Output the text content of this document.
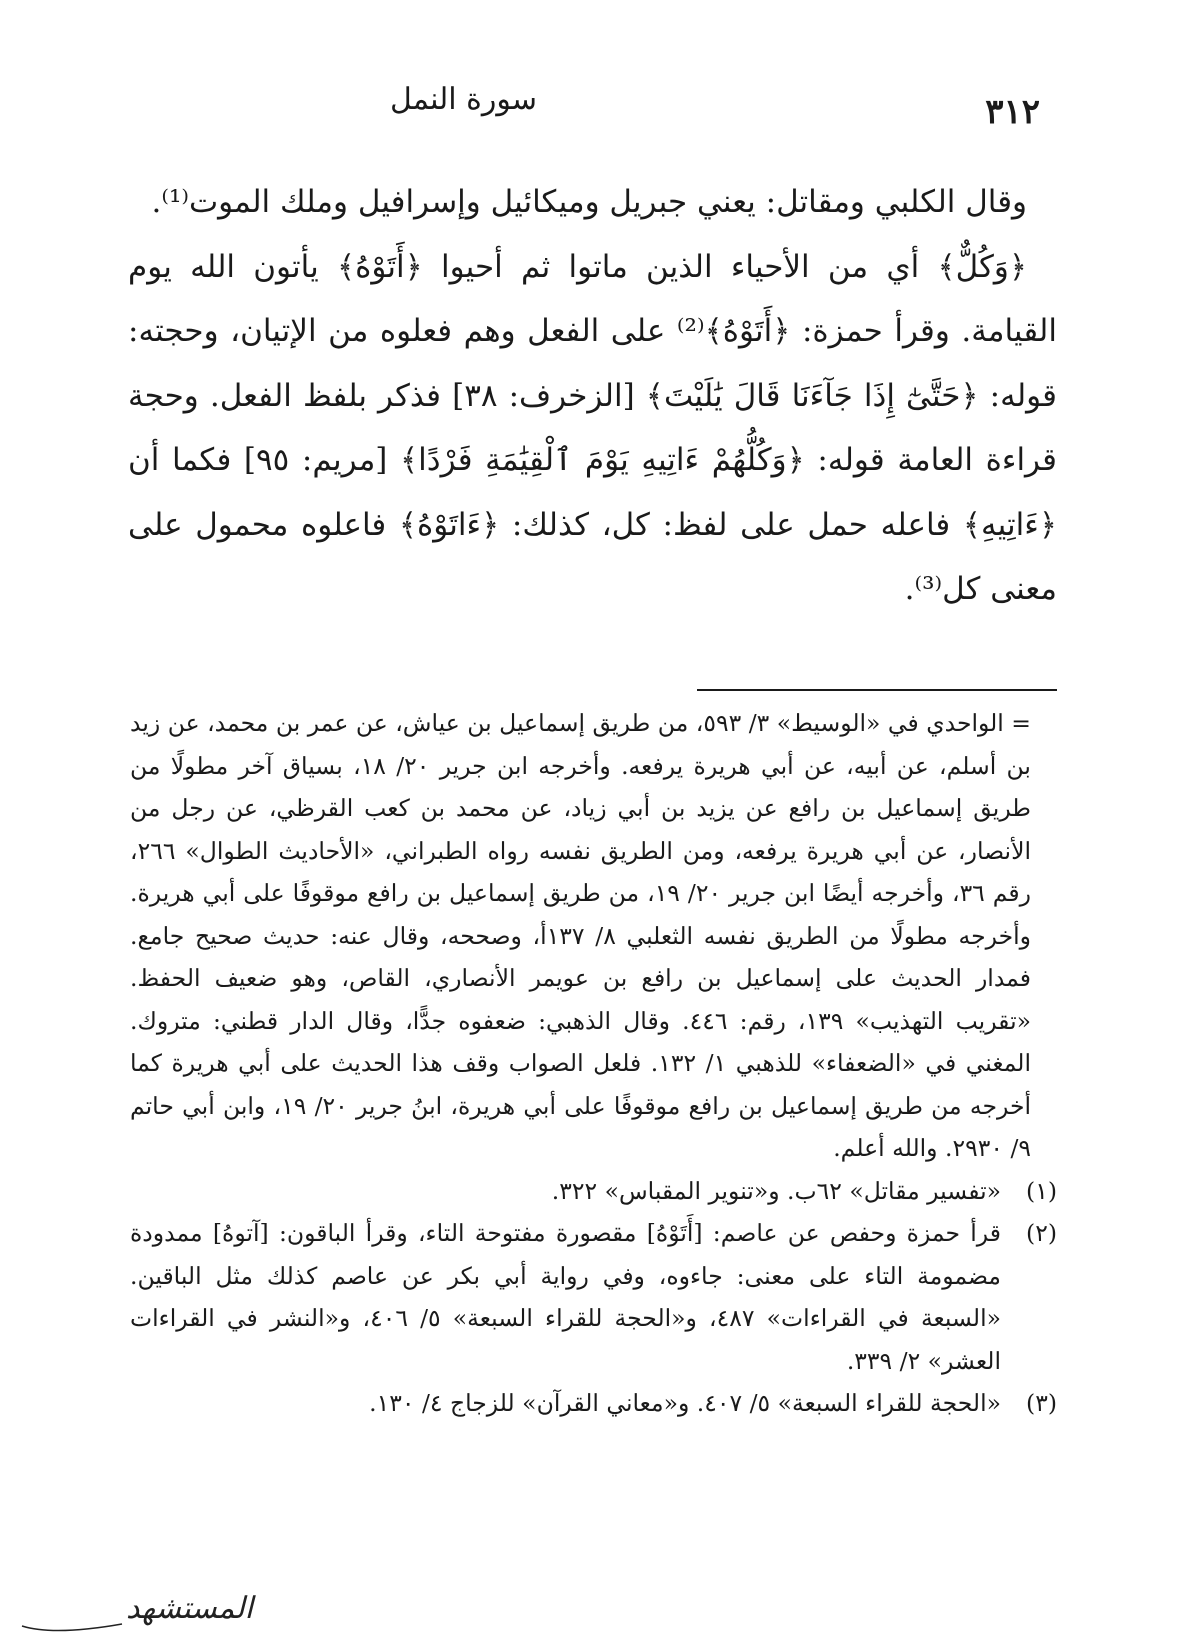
٣١٢
سورة النمل

وقال الكلبي ومقاتل: يعني جبريل وميكائيل وإسرافيل وملك الموت⁽¹⁾.

﴿وَكُلٌّ﴾ أي من الأحياء الذين ماتوا ثم أحيوا ﴿أَتَوْهُ﴾ يأتون الله يوم القيامة. وقرأ حمزة: ﴿أَتَوْهُ﴾⁽²⁾ على الفعل وهم فعلوه من الإتيان، وحجته: قوله: ﴿حَتَّىٰٓ إِذَا جَآءَنَا قَالَ يَٰلَيْتَ﴾ [الزخرف: ٣٨] فذكر بلفظ الفعل. وحجة قراءة العامة قوله: ﴿وَكُلُّهُمْ ءَاتِيهِ يَوْمَ ٱلْقِيَٰمَةِ فَرْدًا﴾ [مريم: ٩٥] فكما أن ﴿ءَاتِيهِ﴾ فاعله حمل على لفظ: كل، كذلك: ﴿ءَاتَوْهُ﴾ فاعلوه محمول على معنى كل⁽³⁾.

= الواحدي في «الوسيط» ٣/ ٥٩٣، من طريق إسماعيل بن عياش، عن عمر بن محمد، عن زيد بن أسلم، عن أبيه، عن أبي هريرة يرفعه. وأخرجه ابن جرير ٢٠/ ١٨، بسياق آخر مطولًا من طريق إسماعيل بن رافع عن يزيد بن أبي زياد، عن محمد بن كعب القرظي، عن رجل من الأنصار، عن أبي هريرة يرفعه، ومن الطريق نفسه رواه الطبراني، «الأحاديث الطوال» ٢٦٦، رقم ٣٦، وأخرجه أيضًا ابن جرير ٢٠/ ١٩، من طريق إسماعيل بن رافع موقوفًا على أبي هريرة. وأخرجه مطولًا من الطريق نفسه الثعلبي ٨/ ١٣٧أ، وصححه، وقال عنه: حديث صحيح جامع. فمدار الحديث على إسماعيل بن رافع بن عويمر الأنصاري، القاص، وهو ضعيف الحفظ. «تقريب التهذيب» ١٣٩، رقم: ٤٤٦. وقال الذهبي: ضعفوه جدًّا، وقال الدار قطني: متروك. المغني في «الضعفاء» للذهبي ١/ ١٣٢. فلعل الصواب وقف هذا الحديث على أبي هريرة كما أخرجه من طريق إسماعيل بن رافع موقوفًا على أبي هريرة، ابنُ جرير ٢٠/ ١٩، وابن أبي حاتم ٩/ ٢٩٣٠. والله أعلم.

(١)«تفسير مقاتل» ٦٢ب. و«تنوير المقباس» ٣٢٢.

(٢)قرأ حمزة وحفص عن عاصم: [أَتَوْهُ] مقصورة مفتوحة التاء، وقرأ الباقون: [آتوهُ] ممدودة مضمومة التاء على معنى: جاءوه، وفي رواية أبي بكر عن عاصم كذلك مثل الباقين. «السبعة في القراءات» ٤٨٧، و«الحجة للقراء السبعة» ٥/ ٤٠٦، و«النشر في القراءات العشر» ٢/ ٣٣٩.

(٣)«الحجة للقراء السبعة» ٥/ ٤٠٧. و«معاني القرآن» للزجاج ٤/ ١٣٠.

المستشهد
